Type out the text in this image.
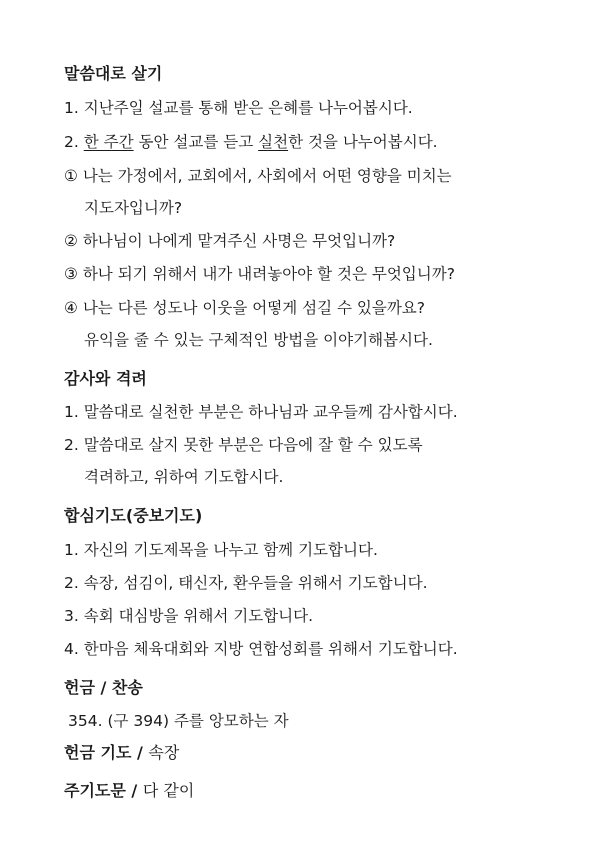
말씀대로 살기
1. 지난주일 설교를 통해 받은 은혜를 나누어봅시다.
2. 한 주간 동안 설교를 듣고 실천한 것을 나누어봅시다.
① 나는 가정에서, 교회에서, 사회에서 어떤 영향을 미치는
지도자입니까?
② 하나님이 나에게 맡겨주신 사명은 무엇입니까?
③ 하나 되기 위해서 내가 내려놓아야 할 것은 무엇입니까?
④ 나는 다른 성도나 이웃을 어떻게 섬길 수 있을까요?
유익을 줄 수 있는 구체적인 방법을 이야기해봅시다.
감사와 격려
1. 말씀대로 실천한 부분은 하나님과 교우들께 감사합시다.
2. 말씀대로 살지 못한 부분은 다음에 잘 할 수 있도록
격려하고, 위하여 기도합시다.
합심기도(중보기도)
1. 자신의 기도제목을 나누고 함께 기도합니다.
2. 속장, 섬김이, 태신자, 환우들을 위해서 기도합니다.
3. 속회 대심방을 위해서 기도합니다.
4. 한마음 체육대회와 지방 연합성회를 위해서 기도합니다.
헌금 / 찬송
354. (구 394) 주를 앙모하는 자
헌금 기도 / 속장
주기도문 / 다 같이
